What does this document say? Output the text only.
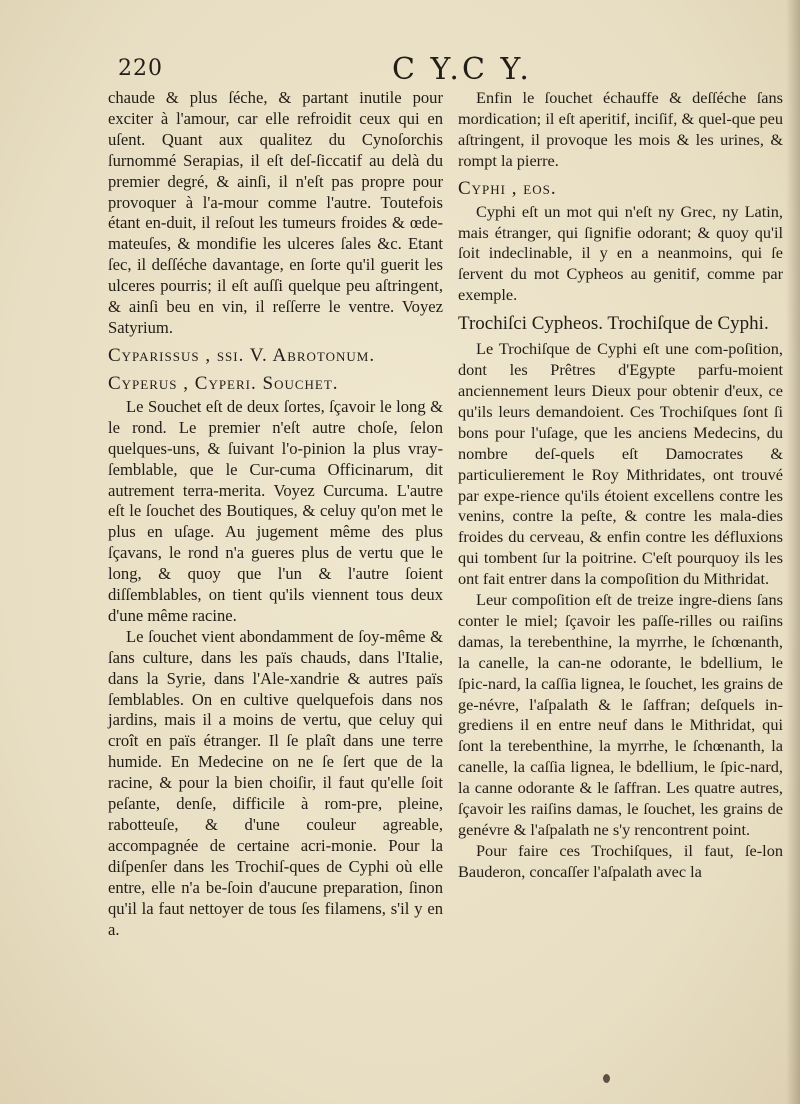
220	C Y. C Y.

chaude & plus ſéche, & partant inutile pour exciter à l'amour, car elle refroidit ceux qui en uſent. Quant aux qualitez du Cynoſorchis ſurnommé Serapias, il eſt deſ-ſiccatif au delà du premier degré, & ainſi, il n'eſt pas propre pour provoquer à l'a-mour comme l'autre. Toutefois étant en-duit, il reſout les tumeurs froides & œde-mateuſes, & mondifie les ulceres ſales &c. Etant ſec, il deſſéche davantage, en ſorte qu'il guerit les ulceres pourris; il eſt auſſi quelque peu aſtringent, & ainſi beu en vin, il reſſerre le ventre. Voyez Satyrium.

Cyparissus , ſſi. V. Abrotonum.
Cyperus , Cyperi. Souchet.

Le Souchet eſt de deux ſortes, ſçavoir le long & le rond. Le premier n'eſt autre choſe, ſelon quelques-uns, & ſuivant l'o-pinion la plus vray-ſemblable, que le Cur-cuma Officinarum, dit autrement terra-merita. Voyez Curcuma. L'autre eſt le ſouchet des Boutiques, & celuy qu'on met le plus en uſage. Au jugement même des plus ſçavans, le rond n'a gueres plus de vertu que le long, & quoy que l'un & l'autre ſoient diſſemblables, on tient qu'ils viennent tous deux d'une même racine.

Le ſouchet vient abondamment de ſoy-même & ſans culture, dans les païs chauds, dans l'Italie, dans la Syrie, dans l'Ale-xandrie & autres païs ſemblables. On en cultive quelquefois dans nos jardins, mais il a moins de vertu, que celuy qui croît en païs étranger. Il ſe plaît dans une terre humide. En Medecine on ne ſe ſert que de la racine, & pour la bien choiſir, il faut qu'elle ſoit peſante, denſe, difficile à rom-pre, pleine, rabotteuſe, & d'une couleur agreable, accompagnée de certaine acri-monie. Pour la diſpenſer dans les Trochiſ-ques de Cyphi où elle entre, elle n'a be-ſoin d'aucune preparation, ſinon qu'il la faut nettoyer de tous ſes filamens, s'il y en a.

Enfin le ſouchet échauffe & deſſéche ſans mordication; il eſt aperitif, inciſif, & quel-que peu aſtringent, il provoque les mois & les urines, & rompt la pierre.

Cyphi , eos.

Cyphi eſt un mot qui n'eſt ny Grec, ny Latin, mais étranger, qui ſignifie odorant; & quoy qu'il ſoit indeclinable, il y en a neanmoins, qui ſe ſervent du mot Cypheos au genitif, comme par exemple.

Trochiſci Cypheos. Trochiſque de Cyphi.

Le Trochiſque de Cyphi eſt une com-poſition, dont les Prêtres d'Egypte parfu-moient anciennement leurs Dieux pour obtenir d'eux, ce qu'ils leurs demandoient. Ces Trochiſques ſont ſi bons pour l'uſage, que les anciens Medecins, du nombre deſ-quels eſt Damocrates & particulierement le Roy Mithridates, ont trouvé par expe-rience qu'ils étoient excellens contre les venins, contre la peſte, & contre les mala-dies froides du cerveau, & enfin contre les défluxions qui tombent ſur la poitrine. C'eſt pourquoy ils les ont fait entrer dans la compoſition du Mithridat.

Leur compoſition eſt de treize ingre-diens ſans conter le miel; ſçavoir les paſſe-rilles ou raiſins damas, la terebenthine, la myrrhe, le ſchœnanth, la canelle, la can-ne odorante, le bdellium, le ſpic-nard, la caſſia lignea, le ſouchet, les grains de ge-névre, l'aſpalath & le ſaffran; deſquels in-grediens il en entre neuf dans le Mithridat, qui ſont la terebenthine, la myrrhe, le ſchœnanth, la canelle, la caſſia lignea, le bdellium, le ſpic-nard, la canne odorante & le ſaffran. Les quatre autres, ſçavoir les raiſins damas, le ſouchet, les grains de genévre & l'aſpalath ne s'y rencontrent point.

Pour faire ces Trochiſques, il faut, ſe-lon Bauderon, concaſſer l'aſpalath avec la
